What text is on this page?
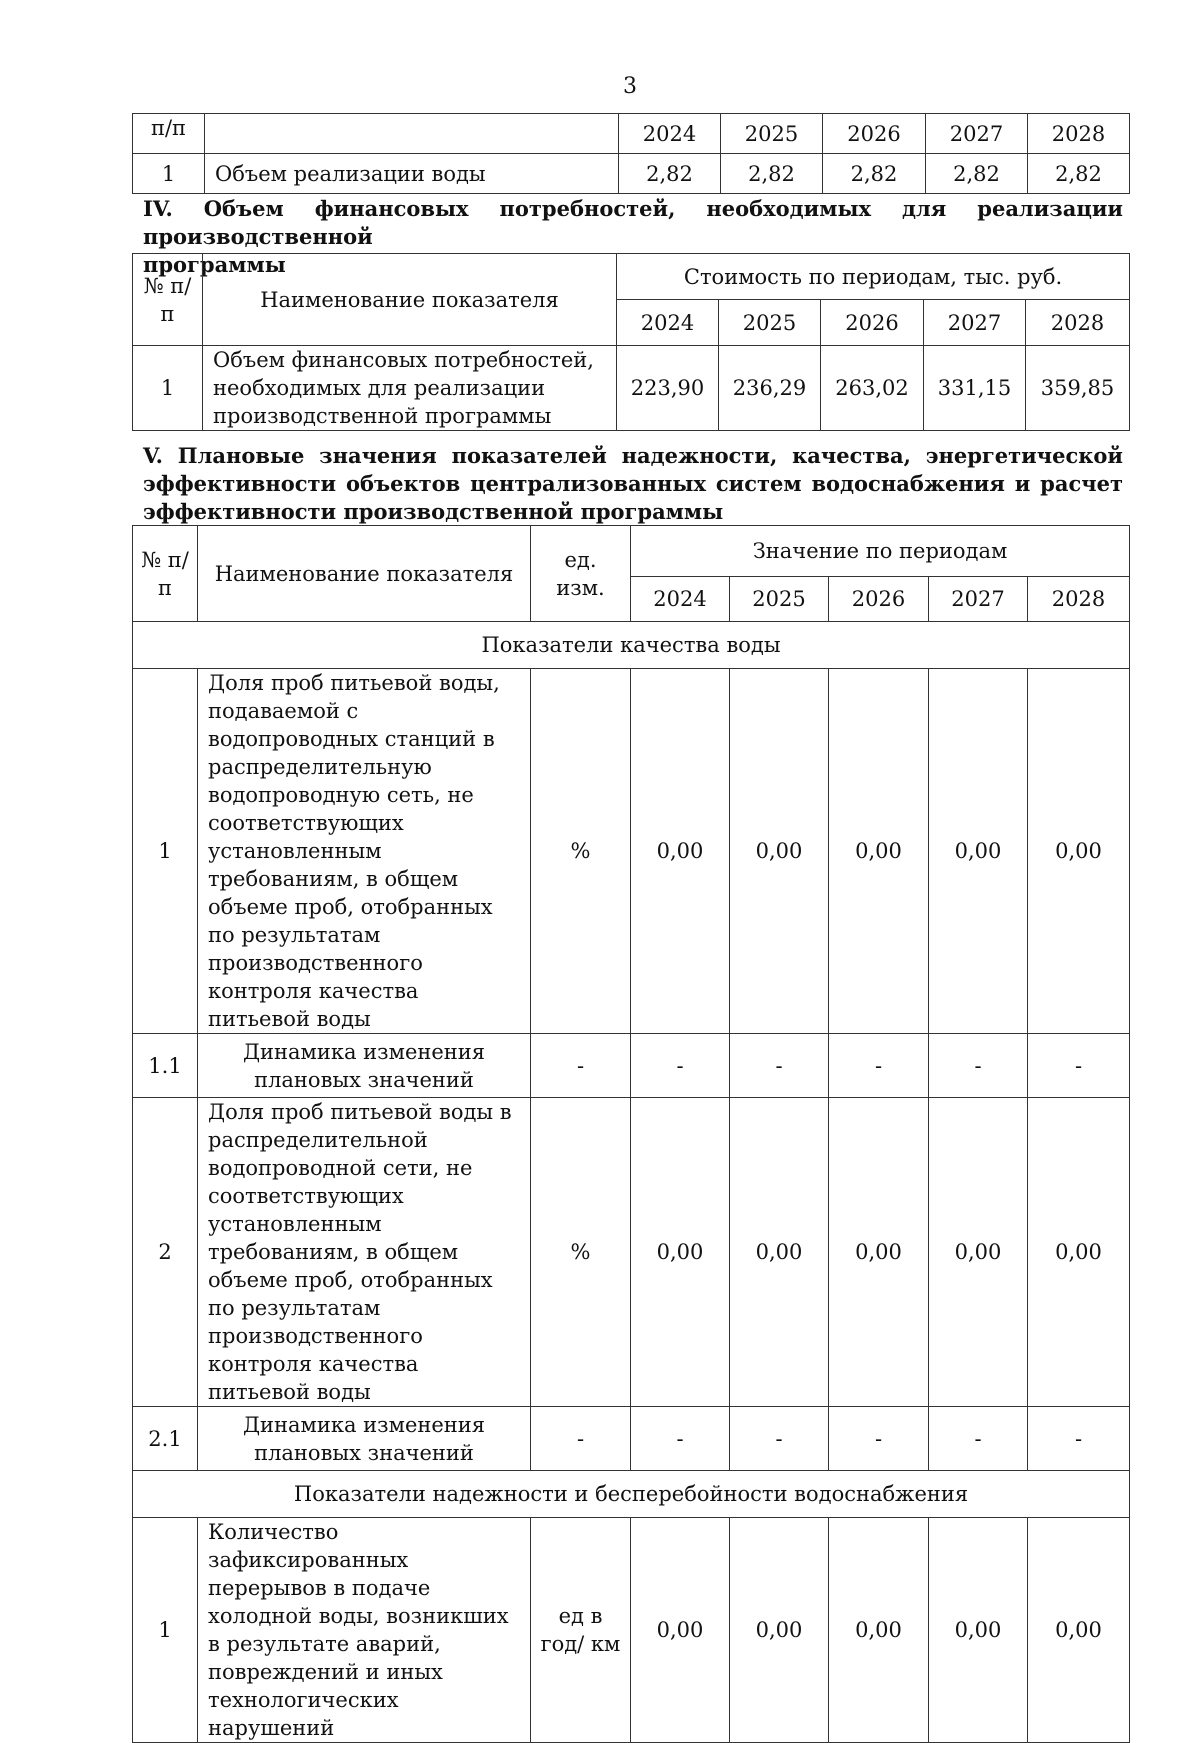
3
п/п		2024	2025	2026	2027	2028
1	Объем реализации воды	2,82	2,82	2,82	2,82	2,82
IV. Объем финансовых потребностей, необходимых для реализации производственной
программы
№ п/п	Наименование показателя	Стоимость по периодам, тыс. руб.				
		2024	2025	2026	2027	2028
1	Объем финансовых потребностей, необходимых для реализации производственной программы	223,90	236,29	263,02	331,15	359,85
V. Плановые значения показателей надежности, качества, энергетической
эффективности объектов централизованных систем водоснабжения и расчет
эффективности производственной программы
№ п/п	Наименование показателя	ед. изм.	Значение по периодам				
			2024	2025	2026	2027	2028
Показатели качества воды							
1	Доля проб питьевой воды, подаваемой с водопроводных станций в распределительную водопроводную сеть, не соответствующих установленным требованиям, в общем объеме проб, отобранных по результатам производственного контроля качества питьевой воды	%	0,00	0,00	0,00	0,00	0,00
1.1	Динамика изменения плановых значений	-	-	-	-	-	-
2	Доля проб питьевой воды в распределительной водопроводной сети, не соответствующих установленным требованиям, в общем объеме проб, отобранных по результатам производственного контроля качества питьевой воды	%	0,00	0,00	0,00	0,00	0,00
2.1	Динамика изменения плановых значений	-	-	-	-	-	-
Показатели надежности и бесперебойности водоснабжения							
1	Количество зафиксированных перерывов в подаче холодной воды, возникших в результате аварий, повреждений и иных технологических нарушений	ед в год/ км	0,00	0,00	0,00	0,00	0,00
